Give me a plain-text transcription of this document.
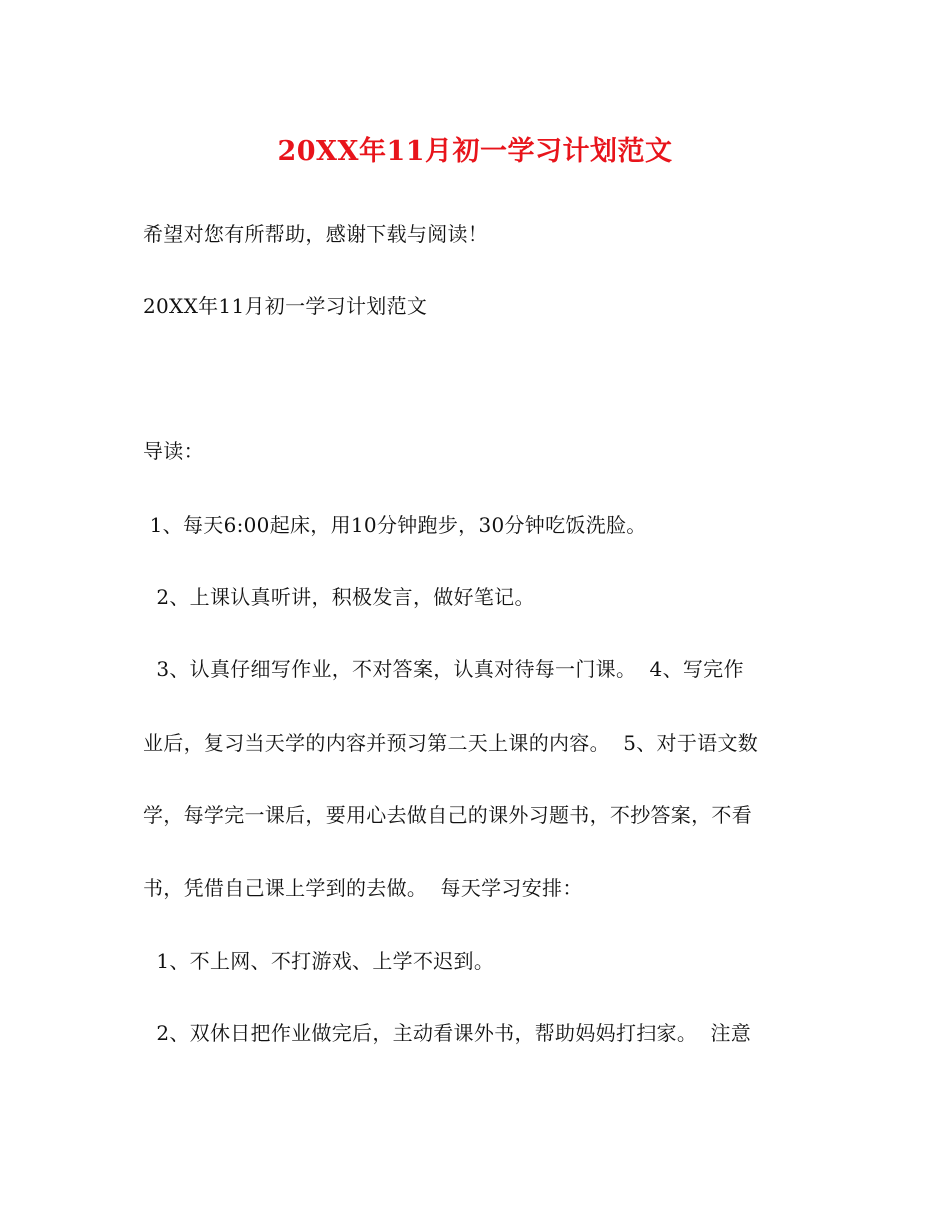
20XX年11月初一学习计划范文
希望对您有所帮助，感谢下载与阅读！
20XX年11月初一学习计划范文
导读：
1、每天6:00起床，用10分钟跑步，30分钟吃饭洗脸。
2、上课认真听讲，积极发言，做好笔记。
3、认真仔细写作业，不对答案，认真对待每一门课。  4、写完作
业后，复习当天学的内容并预习第二天上课的内容。  5、对于语文数
学，每学完一课后，要用心去做自己的课外习题书，不抄答案，不看
书，凭借自己课上学到的去做。  每天学习安排：
1、不上网、不打游戏、上学不迟到。
2、双休日把作业做完后，主动看课外书，帮助妈妈打扫家。  注意
